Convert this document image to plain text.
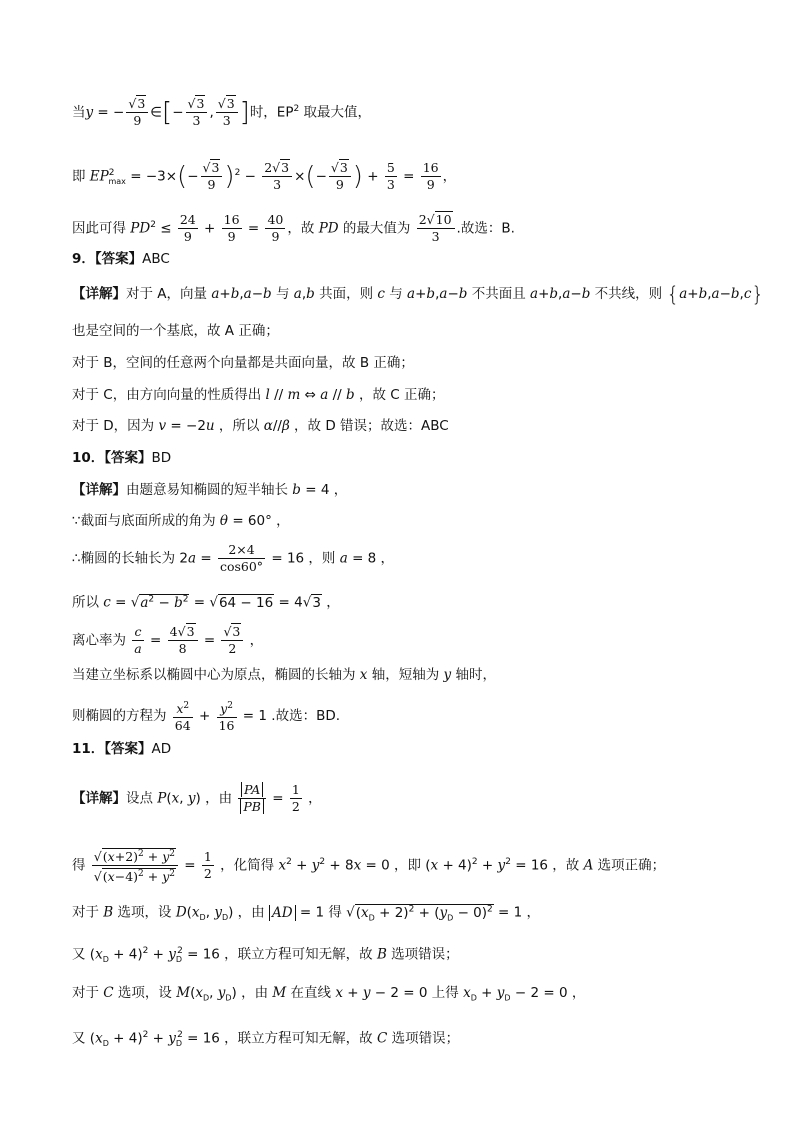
当y = − $\frac{√3}{9}$ ∈[− $\frac{√3}{3}$ , $\frac{√3}{3}$ ]时，$EP^2$ 取最大值，
即 $EP^2_{max} = -3\times(- \frac{√3}{9} )^2 - \frac{2√3}{3}$ ×(− $\frac{√3}{9}$ ) + $\frac{5}{3} = \frac{16}{9}$ ，
因此可得 $PD^2 \le \frac{24}{9} + \frac{16}{9} = \frac{40}{9}$ ，故 PD 的最大值为 $\frac{2√10}{3}$ .故选：B.
9．【答案】ABC
【详解】对于 A，向量 a+b,a−b 与 a,b 共面，则 c 与 a+b,a−b 不共面且 a+b,a−b 不共线，则 {a+b,a−b,c}
也是空间的一个基底，故 A 正确；
对于 B，空间的任意两个向量都是共面向量，故 B 正确；
对于 C，由方向向量的性质得出 l // m ⇔ a // b ，故 C 正确；
对于 D，因为 v = −2u ，所以 α//β ，故 D 错误；故选：ABC
10．【答案】BD
【详解】由题意易知椭圆的短半轴长 b = 4 ，
∵截面与底面所成的角为 θ = 60° ，
∴椭圆的长轴长为 $2a = \frac{2\times 4}{\cos 60^\circ} = 16$ ，则 a = 8 ，
所以 $c = √a^2 - b^2 = √64 - 16 = 4√3$ ，
离心率为 $\frac{c}{a} = \frac{4√3}{8} = \frac{√3}{2}$ ，
当建立坐标系以椭圆中心为原点，椭圆的长轴为 x 轴，短轴为 y 轴时，
则椭圆的方程为 $\frac{x^2}{64} + \frac{y^2}{16} = 1$ .故选：BD.
11．【答案】AD
【详解】设点 P(x, y) ，由 $\frac{PA}{PB} = \frac{1}{2}$ ，
得 $\frac{√(x+2)^2 + y^2}{√(x-4)^2 + y^2} = \frac{1}{2}$ ，化简得 $x^2 + y^2 + 8x = 0$ ，即 $(x + 4)^2 + y^2 = 16$ ，故 A 选项正确；
对于 B 选项，设 $D(x_D$, $y_D$) ，由 AD = 1 得 $√(x_D + 2)^2 + (y_D - 0)^2 = 1$ ，
又 $(x_D + 4)^2 + y_D^2 = 16$ ，联立方程可知无解，故 B 选项错误；
对于 C 选项，设 $M(x_D$, $y_D$) ，由 M 在直线 x + y − 2 = 0 上得 $x_D + y_D - 2 = 0$ ，
又 $(x_D + 4)^2 + y_D^2 = 16$ ，联立方程可知无解，故 C 选项错误；
